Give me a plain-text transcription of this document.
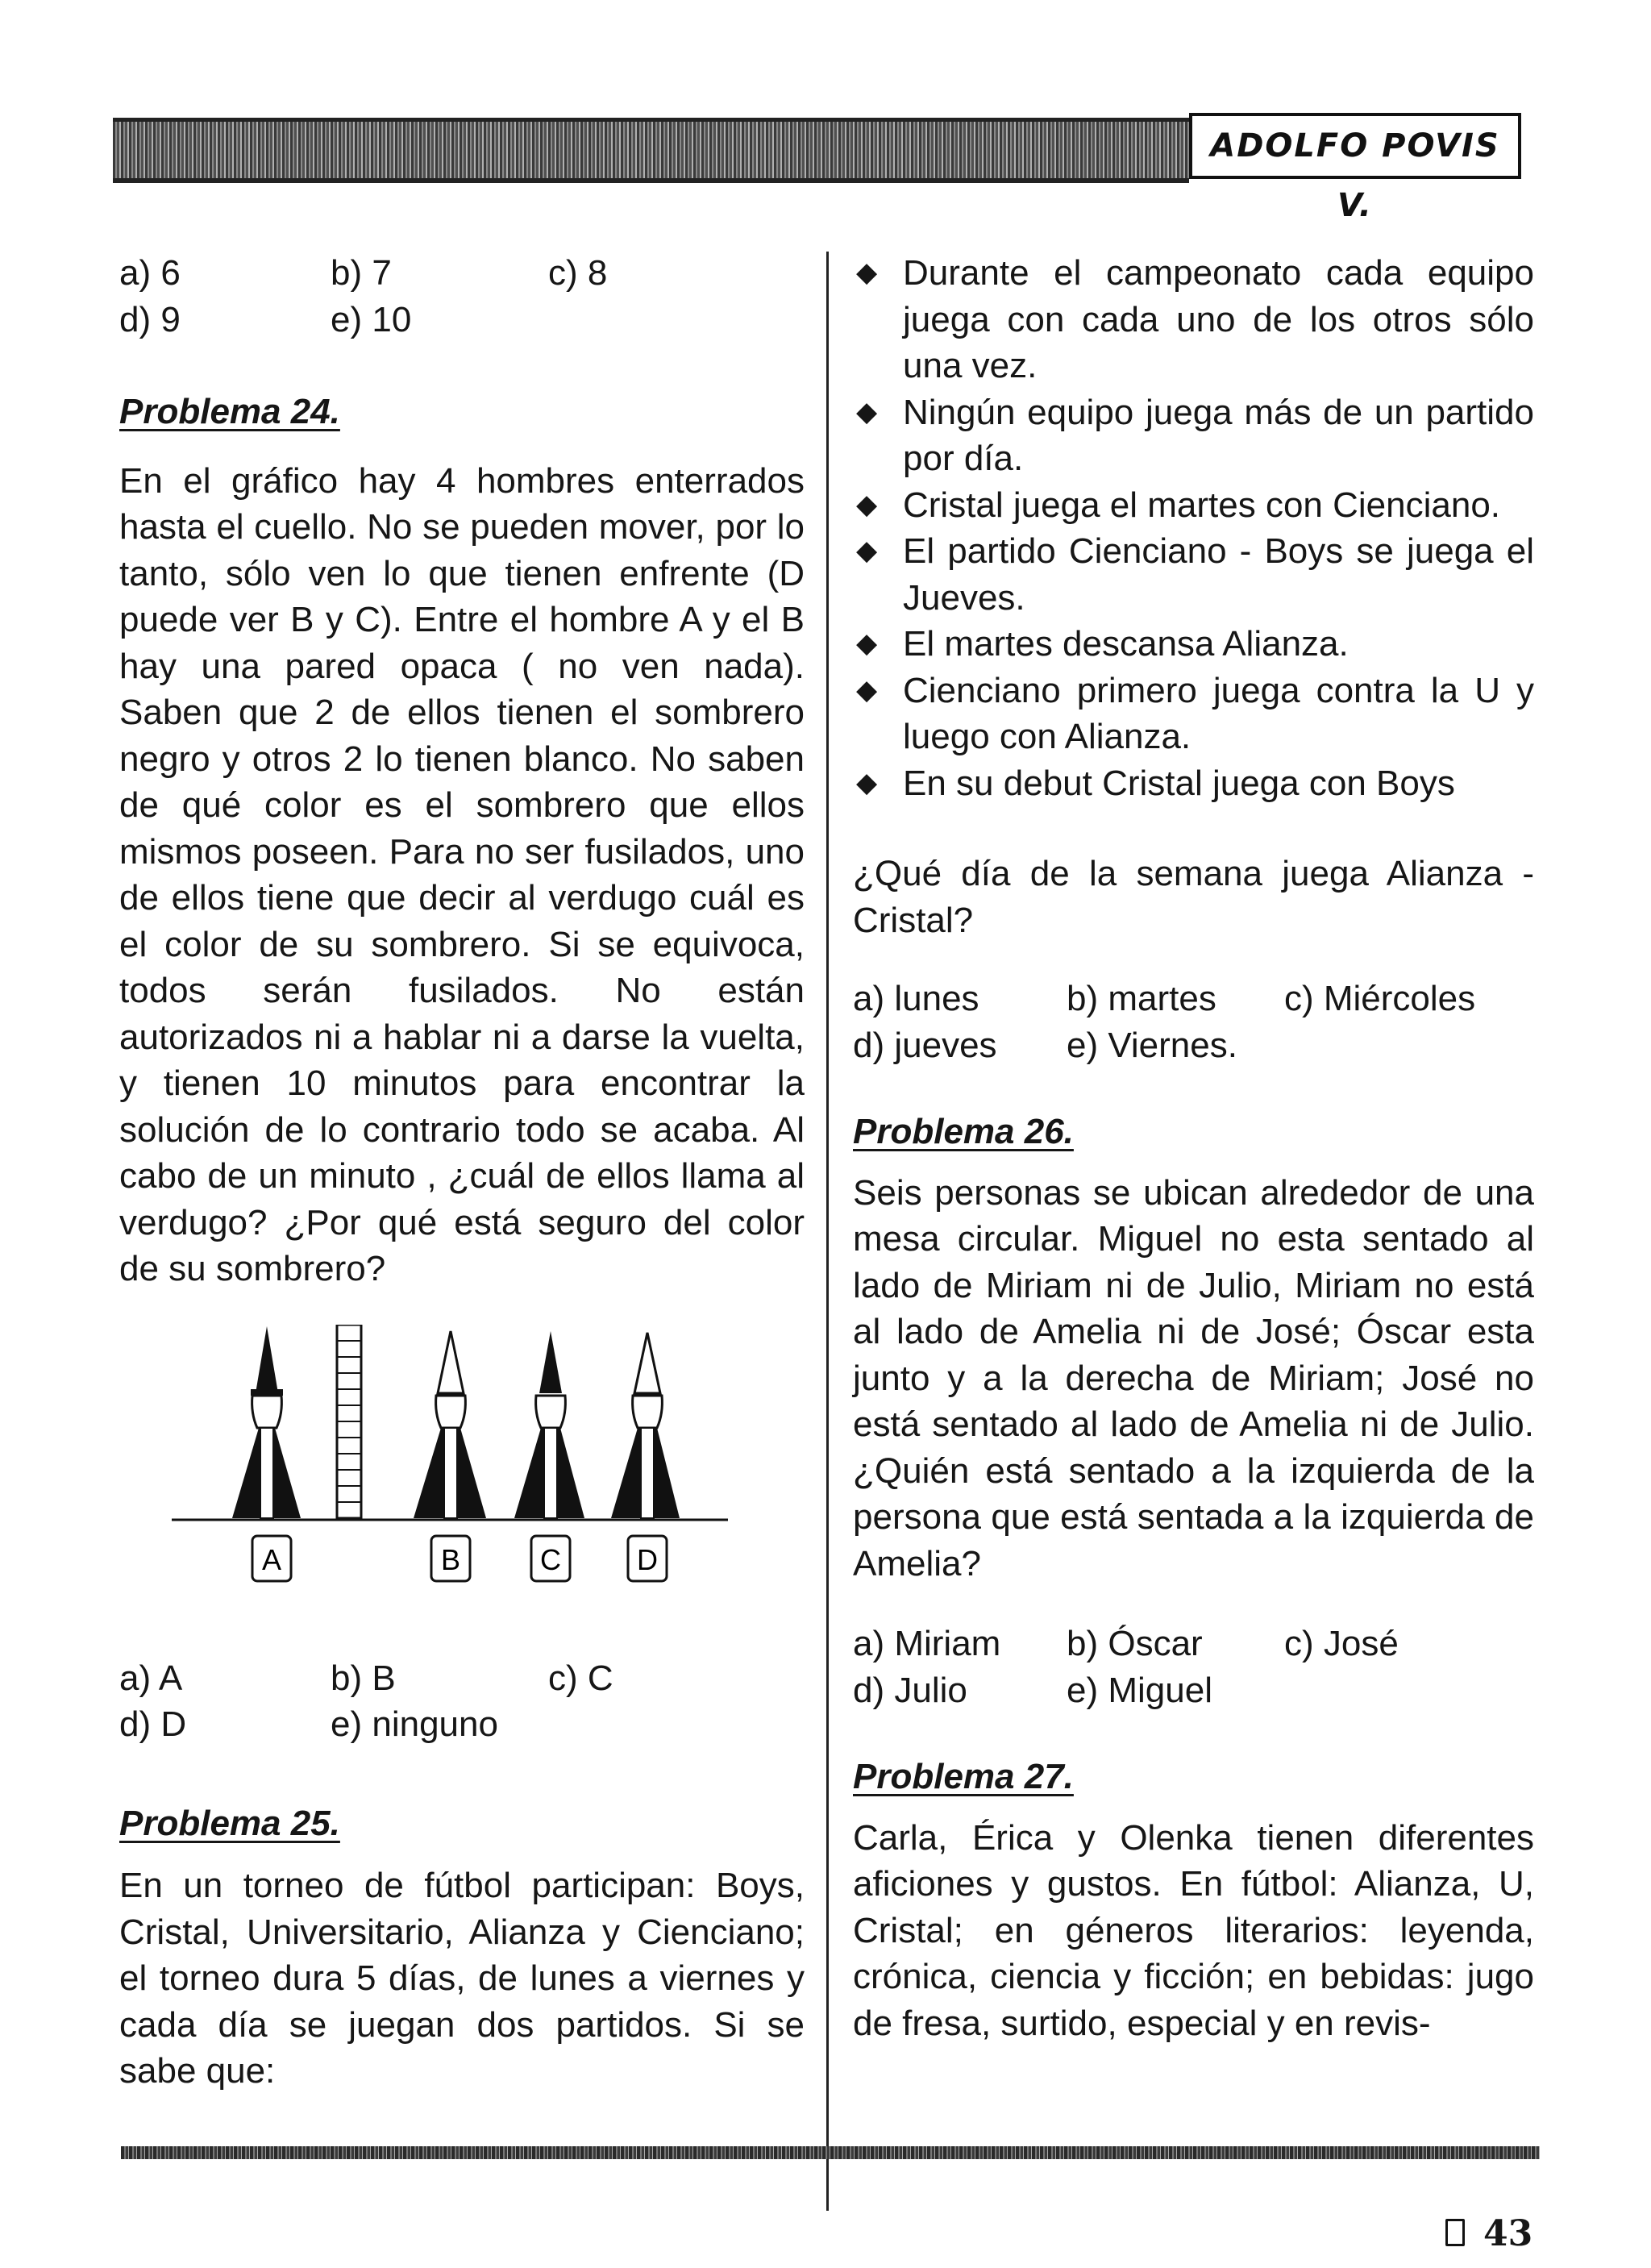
ADOLFO POVIS V.
a) 6	b) 7	c) 8
d) 9	e) 10

Problema 24.

En el gráfico hay 4 hombres enterrados hasta el cuello. No se pueden mover, por lo tanto, sólo ven lo que tienen enfrente (D puede ver B y C). Entre el hombre A y el B hay una pared opaca ( no ven nada). Saben que 2 de ellos tienen el sombrero negro y otros 2 lo tienen blanco. No saben de qué color es el sombrero que ellos mismos poseen. Para no ser fusilados, uno de ellos tiene que decir al verdugo cuál es el color de su sombrero. Si se equivoca, todos serán fusilados. No están autorizados ni a hablar ni a darse la vuelta, y tienen 10 minutos para encontrar la solución de lo contrario todo se acaba. Al cabo de un minuto , ¿cuál de ellos llama al verdugo? ¿Por qué está seguro del color de su sombrero?

A	B	C	D
a) A	b) B	c) C
d) D	e) ninguno

Problema 25.

En un torneo de fútbol participan: Boys, Cristal, Universitario, Alianza y Cienciano; el torneo dura 5 días, de lunes a viernes y cada día se juegan dos partidos. Si se sabe que:

◆ Durante el campeonato cada equipo juega con cada uno de los otros sólo una vez.
◆ Ningún equipo juega más de un partido por día.
◆ Cristal juega el martes con Cienciano.
◆ El partido Cienciano - Boys se juega el Jueves.
◆ El martes descansa Alianza.
◆ Cienciano primero juega contra la U y luego con Alianza.
◆ En su debut Cristal juega con Boys

¿Qué día de la semana juega Alianza - Cristal?

a) lunes	b) martes	c) Miércoles
d) jueves	e) Viernes.

Problema 26.

Seis personas se ubican alrededor de una mesa circular. Miguel no esta sentado al lado de Miriam ni de Julio, Miriam no está al lado de Amelia ni de José; Óscar esta junto y a la derecha de Miriam; José no está sentado al lado de Amelia ni de Julio. ¿Quién está sentado a la izquierda de la persona que está sentada a la izquierda de Amelia?

a) Miriam	b) Óscar	c) José
d) Julio	e) Miguel

Problema 27.

Carla, Érica y Olenka tienen diferentes aficiones y gustos. En fútbol: Alianza, U, Cristal; en géneros literarios: leyenda, crónica, ciencia y ficción; en bebidas: jugo de fresa, surtido, especial y en revis-

43
